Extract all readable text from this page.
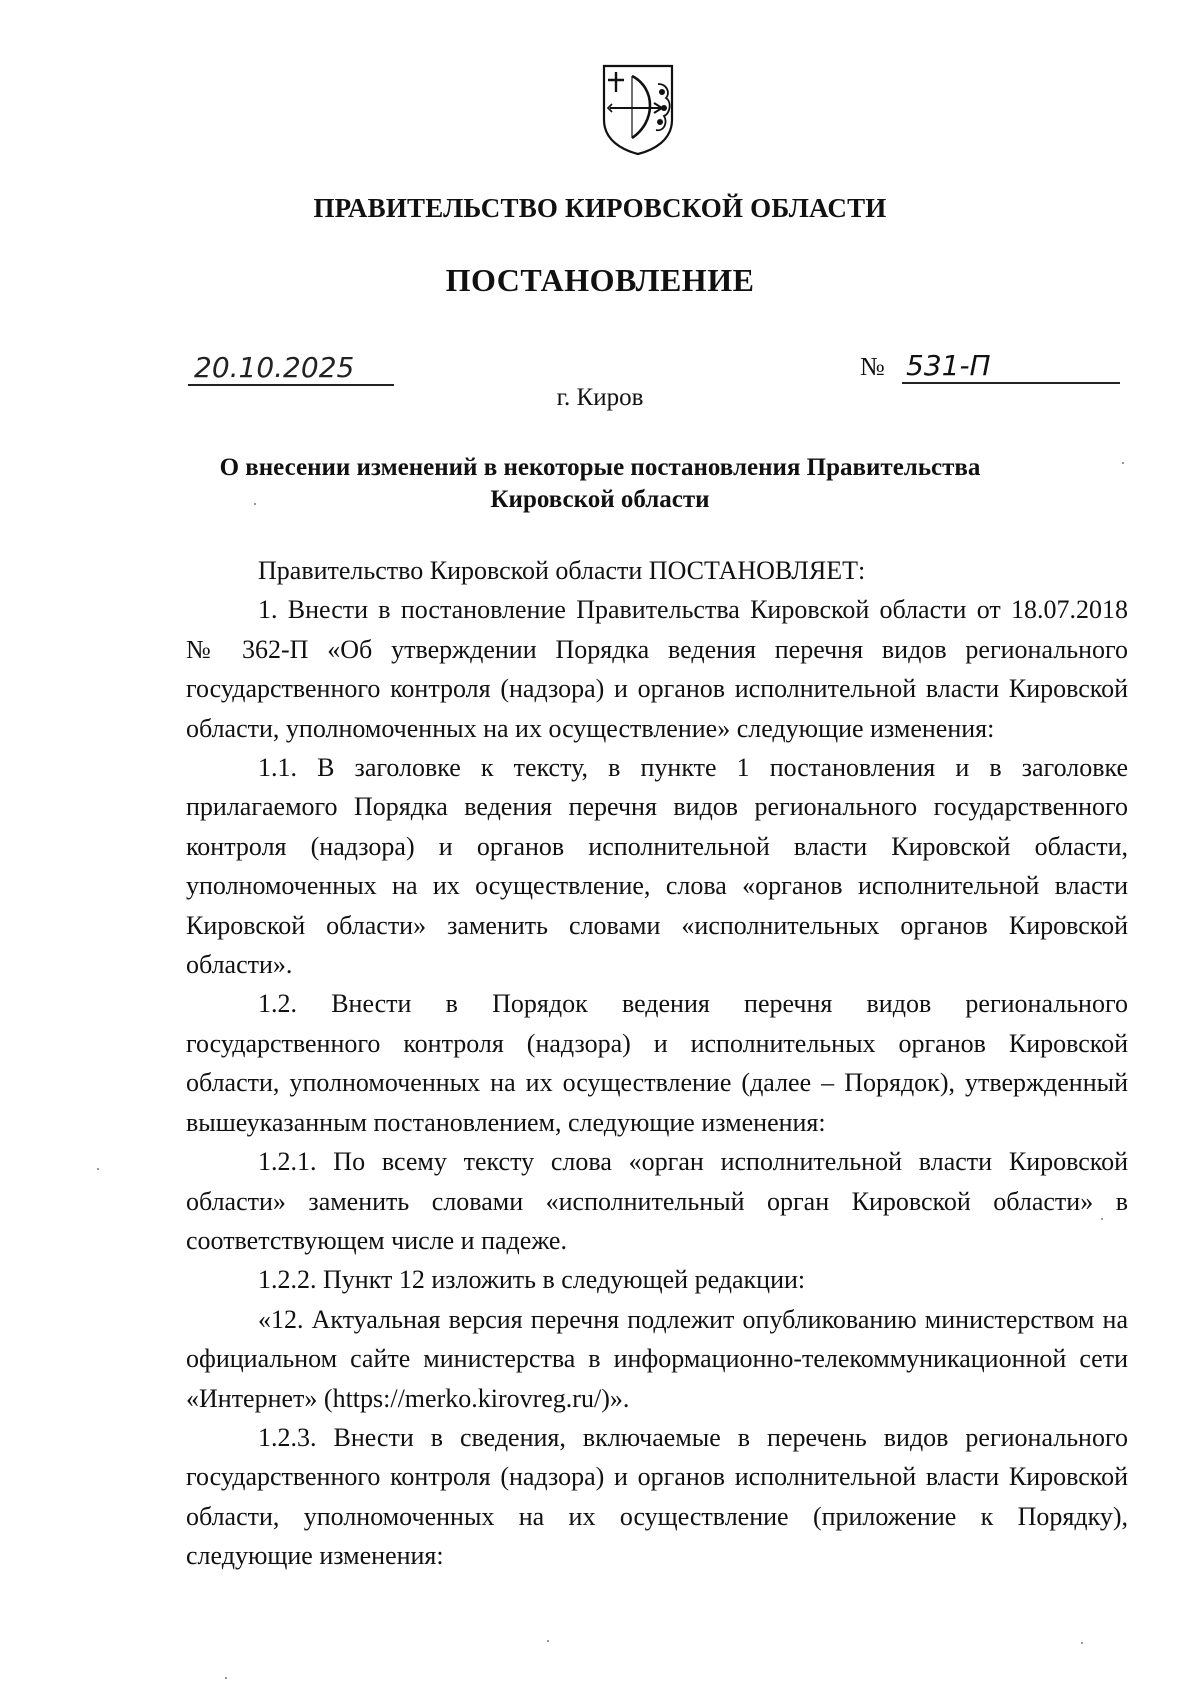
ПРАВИТЕЛЬСТВО КИРОВСКОЙ ОБЛАСТИ
ПОСТАНОВЛЕНИЕ
20.10.2025	№ 531-П
г. Киров
О внесении изменений в некоторые постановления Правительства
Кировской области

Правительство Кировской области ПОСТАНОВЛЯЕТ:

1. Внести в постановление Правительства Кировской области от 18.07.2018 № 362-П «Об утверждении Порядка ведения перечня видов регионального государственного контроля (надзора) и органов исполнительной власти Кировской области, уполномоченных на их осуществление» следующие изменения:

1.1. В заголовке к тексту, в пункте 1 постановления и в заголовке прилагаемого Порядка ведения перечня видов регионального государственного контроля (надзора) и органов исполнительной власти Кировской области, уполномоченных на их осуществление, слова «органов исполнительной власти Кировской области» заменить словами «исполнительных органов Кировской области».

1.2. Внести в Порядок ведения перечня видов регионального государственного контроля (надзора) и исполнительных органов Кировской области, уполномоченных на их осуществление (далее – Порядок), утвержденный вышеуказанным постановлением, следующие изменения:

1.2.1. По всему тексту слова «орган исполнительной власти Кировской области» заменить словами «исполнительный орган Кировской области» в соответствующем числе и падеже.

1.2.2. Пункт 12 изложить в следующей редакции:

«12. Актуальная версия перечня подлежит опубликованию министерством на официальном сайте министерства в информационно-телекоммуникационной сети «Интернет» (https://merko.kirovreg.ru/)».

1.2.3. Внести в сведения, включаемые в перечень видов регионального государственного контроля (надзора) и органов исполнительной власти Кировской области, уполномоченных на их осуществление (приложение к Порядку), следующие изменения:
